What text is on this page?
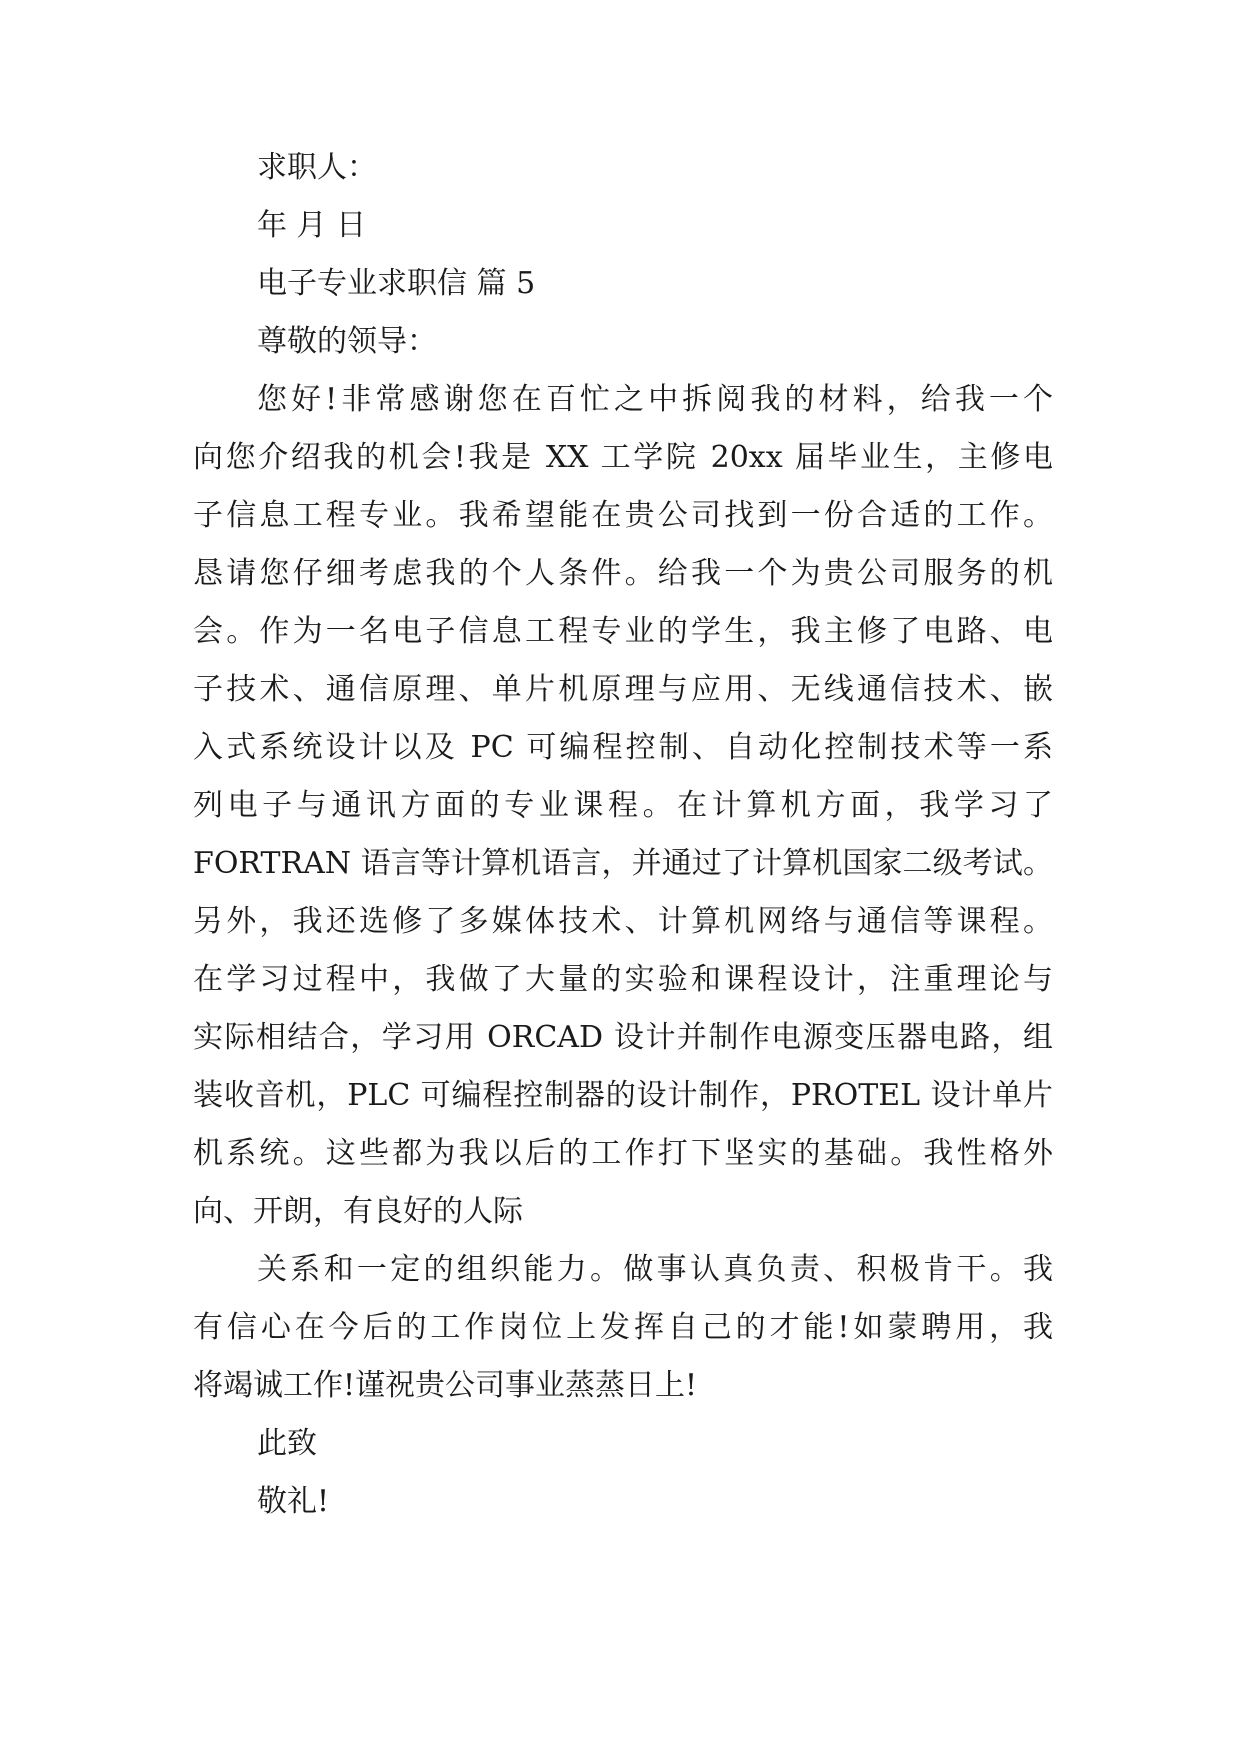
求职人：
年 月 日
电子专业求职信 篇 5
尊敬的领导：
您好!非常感谢您在百忙之中拆阅我的材料，给我一个
向您介绍我的机会!我是 XX 工学院 20xx 届毕业生，主修电
子信息工程专业。我希望能在贵公司找到一份合适的工作。
恳请您仔细考虑我的个人条件。给我一个为贵公司服务的机
会。作为一名电子信息工程专业的学生，我主修了电路、电
子技术、通信原理、单片机原理与应用、无线通信技术、嵌
入式系统设计以及 PC 可编程控制、自动化控制技术等一系
列电子与通讯方面的专业课程。在计算机方面，我学习了
FORTRAN 语言等计算机语言，并通过了计算机国家二级考试。
另外，我还选修了多媒体技术、计算机网络与通信等课程。
在学习过程中，我做了大量的实验和课程设计，注重理论与
实际相结合，学习用 ORCAD 设计并制作电源变压器电路，组
装收音机，PLC 可编程控制器的设计制作，PROTEL 设计单片
机系统。这些都为我以后的工作打下坚实的基础。我性格外
向、开朗，有良好的人际
关系和一定的组织能力。做事认真负责、积极肯干。我
有信心在今后的工作岗位上发挥自己的才能!如蒙聘用，我
将竭诚工作!谨祝贵公司事业蒸蒸日上!
此致
敬礼!
